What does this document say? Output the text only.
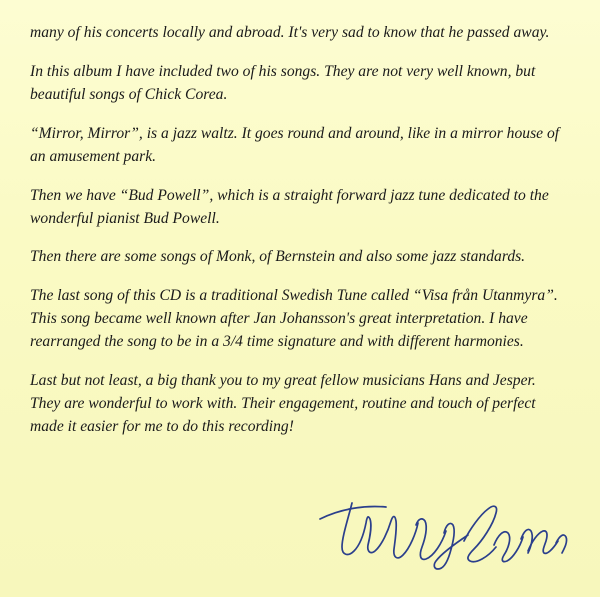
many of his concerts locally and abroad. It's very sad to know that he passed away.

In this album I have included two of his songs. They are not very well known, but beautiful songs of Chick Corea.

“Mirror, Mirror”, is a jazz waltz. It goes round and around, like in a mirror house of an amusement park.

Then we have “Bud Powell”, which is a straight forward jazz tune dedicated to the wonderful pianist Bud Powell.

Then there are some songs of Monk, of Bernstein and also some jazz standards.

The last song of this CD is a traditional Swedish Tune called “Visa från Utanmyra”. This song became well known after Jan Johansson's great interpretation. I have rearranged the song to be in a 3/4 time signature and with different harmonies.

Last but not least, a big thank you to my great fellow musicians Hans and Jesper. They are wonderful to work with. Their engagement, routine and touch of perfect made it easier for me to do this recording!
